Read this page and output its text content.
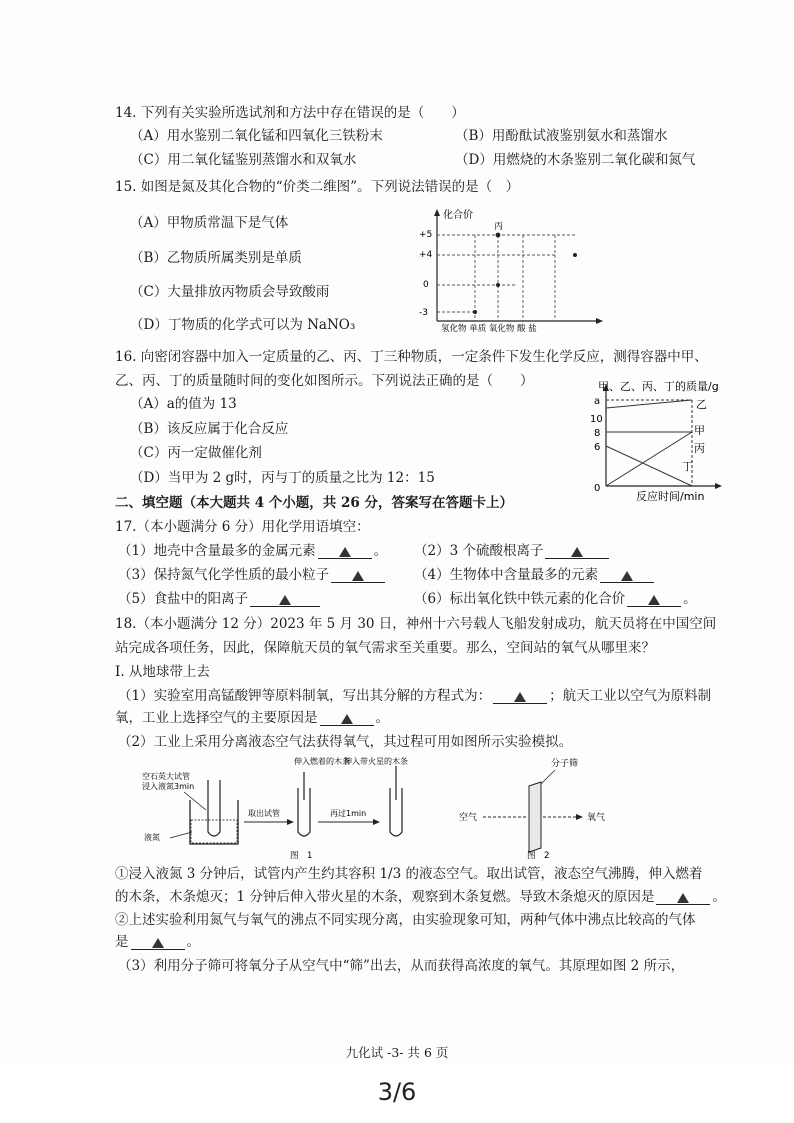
14. 下列有关实验所选试剂和方法中存在错误的是（　　）
（A）用水鉴别二氧化锰和四氧化三铁粉末	（B）用酚酞试液鉴别氨水和蒸馏水
（C）用二氧化锰鉴别蒸馏水和双氧水	（D）用燃烧的木条鉴别二氧化碳和氮气
15. 如图是氮及其化合物的“价类二维图”。下列说法错误的是（　）
（A）甲物质常温下是气体
（B）乙物质所属类别是单质
（C）大量排放丙物质会导致酸雨
（D）丁物质的化学式可以为 NaNO₃
化合价
+5
+4
0
-3
丙
氢化物 单质 氧化物 酸 盐
16. 向密闭容器中加入一定质量的乙、丙、丁三种物质，一定条件下发生化学反应，测得容器中甲、
乙、丙、丁的质量随时间的变化如图所示。下列说法正确的是（　　）
（A）a的值为 13
（B）该反应属于化合反应
（C）丙一定做催化剂
（D）当甲为 2 g时，丙与丁的质量之比为 12：15
甲、乙、丙、丁的质量/g
a
10
8
6
0
乙
甲
丙
丁
反应时间/min
二、填空题（本大题共 4 个小题，共 26 分，答案写在答题卡上）
17.（本小题满分 6 分）用化学用语填空：
（1）地壳中含量最多的金属元素	。 （2）3 个硫酸根离子
（3）保持氮气化学性质的最小粒子	（4）生物体中含量最多的元素
（5）食盐中的阳离子	（6）标出氧化铁中铁元素的化合价	。
18.（本小题满分 12 分）2023 年 5 月 30 日，神州十六号载人飞船发射成功，航天员将在中国空间
站完成各项任务，因此，保障航天员的氧气需求至关重要。那么，空间站的氧气从哪里来？
Ⅰ. 从地球带上去
（1）实验室用高锰酸钾等原料制氧，写出其分解的方程式为：	；航天工业以空气为原料制
氧，工业上选择空气的主要原因是	。
（2）工业上采用分离液态空气法获得氧气，其过程可用如图所示实验模拟。
空石英大试管
浸入液氮3min
液氮
取出试管
伸入燃着的木条
再过1min
伸入带火星的木条
图　1
分子筛
空气	氧气
图　2
①浸入液氮 3 分钟后，试管内产生约其容积 1/3 的液态空气。取出试管，液态空气沸腾，伸入燃着
的木条，木条熄灭；1 分钟后伸入带火星的木条，观察到木条复燃。导致木条熄灭的原因是	。
②上述实验利用氮气与氧气的沸点不同实现分离，由实验现象可知，两种气体中沸点比较高的气体
是	。
（3）利用分子筛可将氧分子从空气中“筛”出去，从而获得高浓度的氧气。其原理如图 2 所示，
九化试 -3- 共 6 页
3/6
